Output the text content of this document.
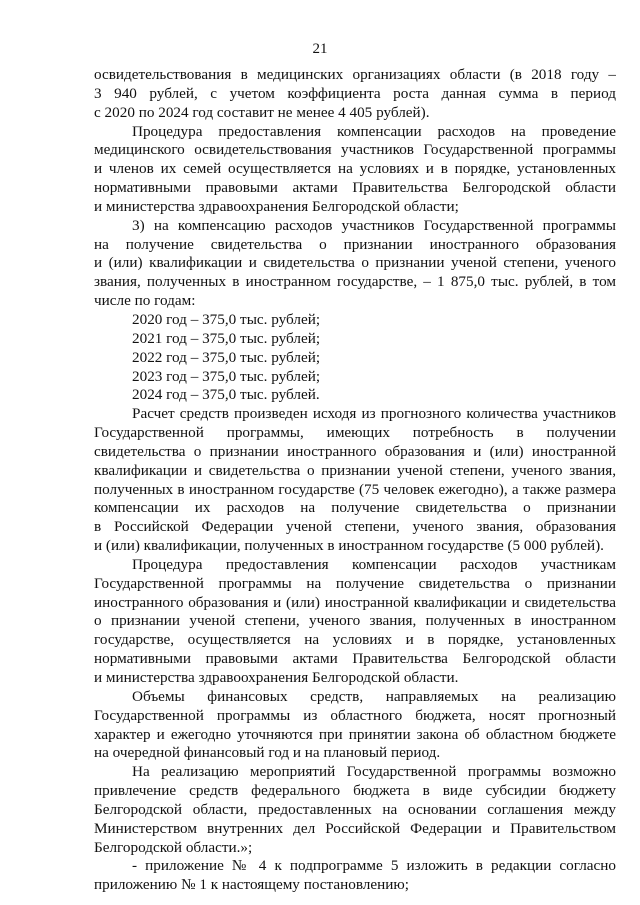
21
освидетельствования в медицинских организациях области (в 2018 году –
3 940 рублей, с учетом коэффициента роста данная сумма в период
с 2020 по 2024 год составит не менее 4 405 рублей).
Процедура предоставления компенсации расходов на проведение
медицинского освидетельствования участников Государственной программы
и членов их семей осуществляется на условиях и в порядке, установленных
нормативными правовыми актами Правительства Белгородской области
и министерства здравоохранения Белгородской области;
3) на компенсацию расходов участников Государственной программы
на получение свидетельства о признании иностранного образования
и (или) квалификации и свидетельства о признании ученой степени, ученого
звания, полученных в иностранном государстве, – 1 875,0 тыс. рублей, в том
числе по годам:
2020 год – 375,0 тыс. рублей;
2021 год – 375,0 тыс. рублей;
2022 год – 375,0 тыс. рублей;
2023 год – 375,0 тыс. рублей;
2024 год – 375,0 тыс. рублей.
Расчет средств произведен исходя из прогнозного количества участников
Государственной программы, имеющих потребность в получении
свидетельства о признании иностранного образования и (или) иностранной
квалификации и свидетельства о признании ученой степени, ученого звания,
полученных в иностранном государстве (75 человек ежегодно), а также размера
компенсации их расходов на получение свидетельства о признании
в Российской Федерации ученой степени, ученого звания, образования
и (или) квалификации, полученных в иностранном государстве (5 000 рублей).
Процедура предоставления компенсации расходов участникам
Государственной программы на получение свидетельства о признании
иностранного образования и (или) иностранной квалификации и свидетельства
о признании ученой степени, ученого звания, полученных в иностранном
государстве, осуществляется на условиях и в порядке, установленных
нормативными правовыми актами Правительства Белгородской области
и министерства здравоохранения Белгородской области.
Объемы финансовых средств, направляемых на реализацию
Государственной программы из областного бюджета, носят прогнозный
характер и ежегодно уточняются при принятии закона об областном бюджете
на очередной финансовый год и на плановый период.
На реализацию мероприятий Государственной программы возможно
привлечение средств федерального бюджета в виде субсидии бюджету
Белгородской области, предоставленных на основании соглашения между
Министерством внутренних дел Российской Федерации и Правительством
Белгородской области.»;
- приложение № 4 к подпрограмме 5 изложить в редакции согласно
приложению № 1 к настоящему постановлению;
